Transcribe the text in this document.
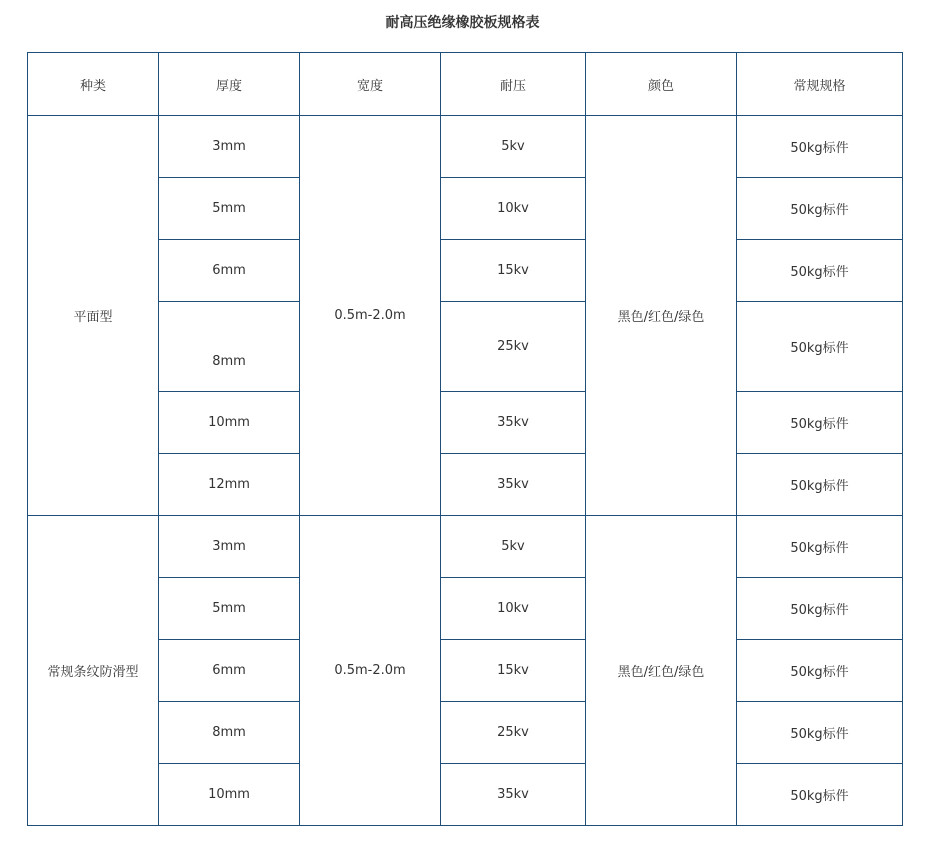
耐高压绝缘橡胶板规格表
种类	厚度	宽度	耐压	颜色	常规规格
平面型	3mm	0.5m-2.0m	5kv	黑色/红色/绿色	50kg标件
	5mm		10kv		50kg标件
	6mm		15kv		50kg标件
	8mm		25kv		50kg标件
	10mm		35kv		50kg标件
	12mm		35kv		50kg标件
常规条纹防滑型	3mm	0.5m-2.0m	5kv	黑色/红色/绿色	50kg标件
	5mm		10kv		50kg标件
	6mm		15kv		50kg标件
	8mm		25kv		50kg标件
	10mm		35kv		50kg标件
